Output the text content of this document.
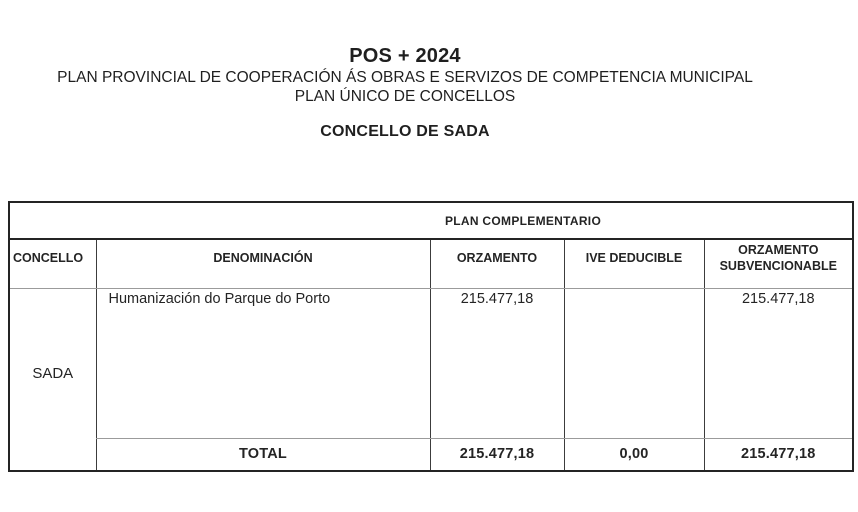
POS + 2024
PLAN PROVINCIAL DE COOPERACIÓN ÁS OBRAS E SERVIZOS DE COMPETENCIA MUNICIPAL
PLAN ÚNICO DE CONCELLOS
CONCELLO DE SADA
PLAN COMPLEMENTARIO				
CONCELLO	DENOMINACIÓN	ORZAMENTO	IVE DEDUCIBLE	ORZAMENTO SUBVENCIONABLE
SADA	Humanización do Parque do Porto	215.477,18		215.477,18
	TOTAL	215.477,18	0,00	215.477,18
